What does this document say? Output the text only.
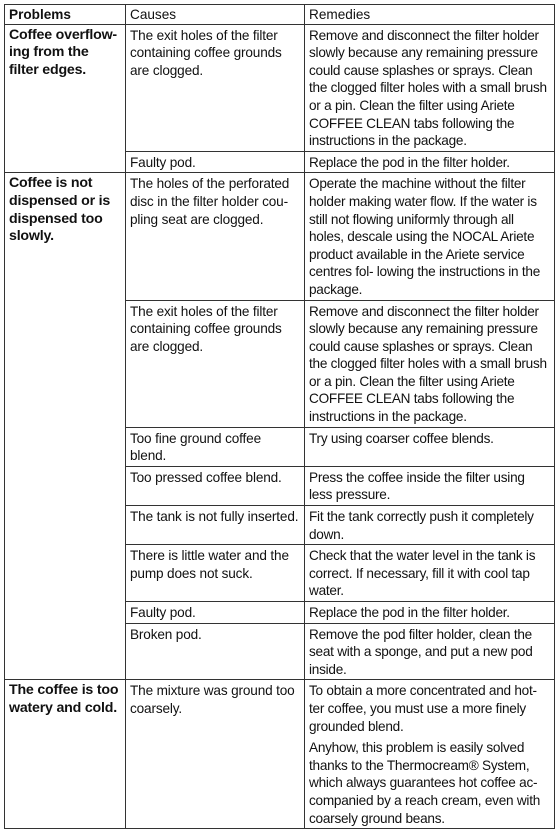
Problems	Causes	Remedies
Coffee overflow- ing from the filter edges.	The exit holes of the filter containing coffee grounds are clogged.	Remove and disconnect the filter holder slowly because any remaining pressure could cause splashes or sprays. Clean the clogged filter holes with a small brush or a pin. Clean the filter using Ariete COFFEE CLEAN tabs following the instructions in the package.

	Faulty pod.	Replace the pod in the filter holder.

Coffee is not dispensed or is dispensed too slowly.	The holes of the perforated disc in the filter holder cou- pling seat are clogged.	Operate the machine without the filter holder making water flow. If the water is still not flowing uniformly through all holes, descale using the NOCAL Ariete product available in the Ariete service centres fol- lowing the instructions in the package.

	The exit holes of the filter containing coffee grounds are clogged.	Remove and disconnect the filter holder slowly because any remaining pressure could cause splashes or sprays. Clean the clogged filter holes with a small brush or a pin. Clean the filter using Ariete COFFEE CLEAN tabs following the instructions in the package.

	Too fine ground coffee blend.	Try using coarser coffee blends.

	Too pressed coffee blend.	Press the coffee inside the filter using less pressure.

	The tank is not fully inserted.	Fit the tank correctly push it completely down.

	There is little water and the pump does not suck.	Check that the water level in the tank is correct. If necessary, fill it with cool tap water.

	Faulty pod.	Replace the pod in the filter holder.

	Broken pod.	Remove the pod filter holder, clean the seat with a sponge, and put a new pod inside.

The coffee is too watery and cold.	The mixture was ground too coarsely.	To obtain a more concentrated and hot- ter coffee, you must use a more finely grounded blend.
Anyhow, this problem is easily solved thanks to the Thermocream® System, which always guarantees hot coffee ac- companied by a reach cream, even with coarsely ground beans.
